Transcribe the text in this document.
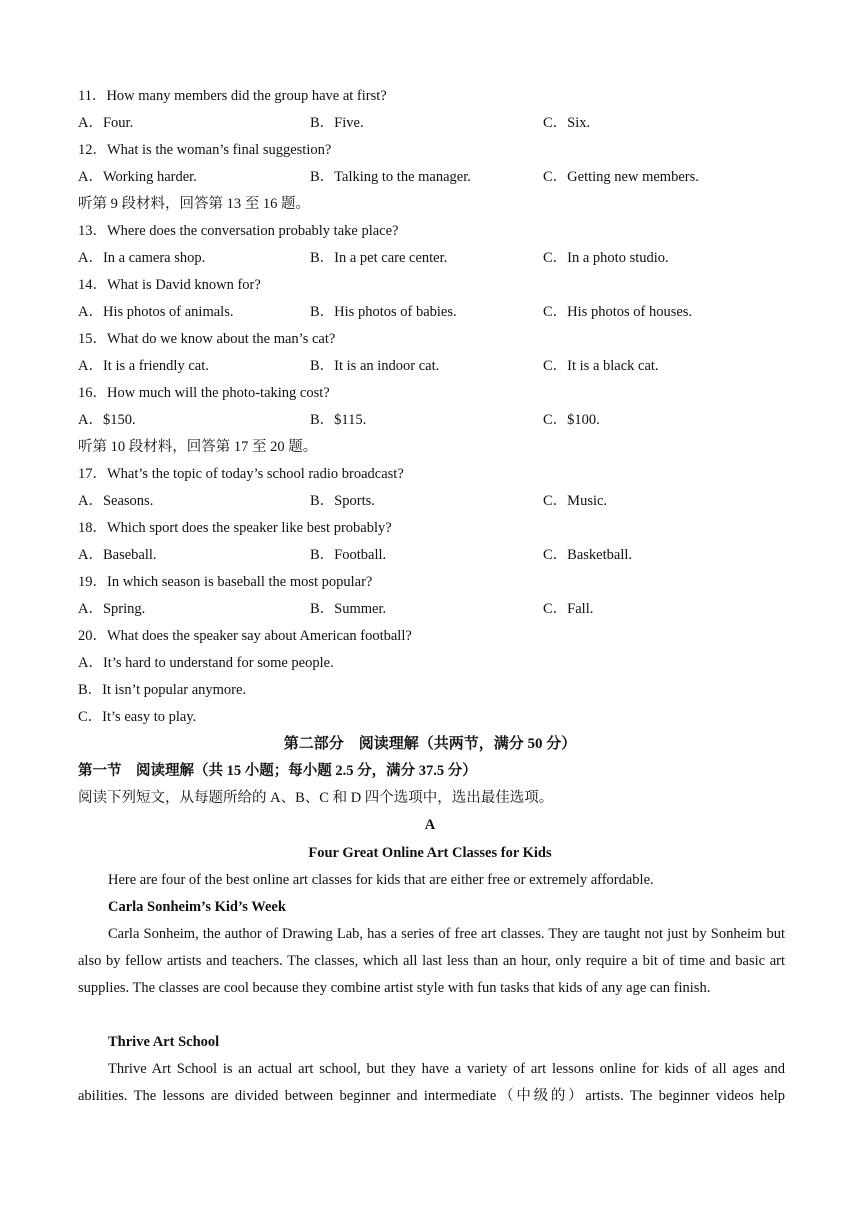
11．How many members did the group have at first?
A．Four.	B．Five.	C．Six.
12．What is the woman’s final suggestion?
A．Working harder.	B．Talking to the manager.	C．Getting new members.
听第 9 段材料，回答第 13 至 16 题。
13．Where does the conversation probably take place?
A．In a camera shop.	B．In a pet care center.	C．In a photo studio.
14．What is David known for?
A．His photos of animals.	B．His photos of babies.	C．His photos of houses.
15．What do we know about the man’s cat?
A．It is a friendly cat.	B．It is an indoor cat.	C．It is a black cat.
16．How much will the photo-taking cost?
A．$150.	B．$115.	C．$100.
听第 10 段材料，回答第 17 至 20 题。
17．What’s the topic of today’s school radio broadcast?
A．Seasons.	B．Sports.	C．Music.
18．Which sport does the speaker like best probably?
A．Baseball.	B．Football.	C．Basketball.
19．In which season is baseball the most popular?
A．Spring.	B．Summer.	C．Fall.
20．What does the speaker say about American football?
A．It’s hard to understand for some people.
B．It isn’t popular anymore.
C．It’s easy to play.
第二部分　阅读理解（共两节，满分 50 分）
第一节　阅读理解（共 15 小题；每小题 2.5 分，满分 37.5 分）
阅读下列短文，从每题所给的 A、B、C 和 D 四个选项中，选出最佳选项。
A
Four Great Online Art Classes for Kids
Here are four of the best online art classes for kids that are either free or extremely affordable.
Carla Sonheim’s Kid’s Week
Carla Sonheim, the author of Drawing Lab, has a series of free art classes. They are taught not just by Sonheim but also by fellow artists and teachers. The classes, which all last less than an hour, only require a bit of time and basic art supplies. The classes are cool because they combine artist style with fun tasks that kids of any age can finish.
Thrive Art School
Thrive Art School is an actual art school, but they have a variety of art lessons online for kids of all ages and abilities. The lessons are divided between beginner and intermediate（中级的）artists. The beginner videos help
